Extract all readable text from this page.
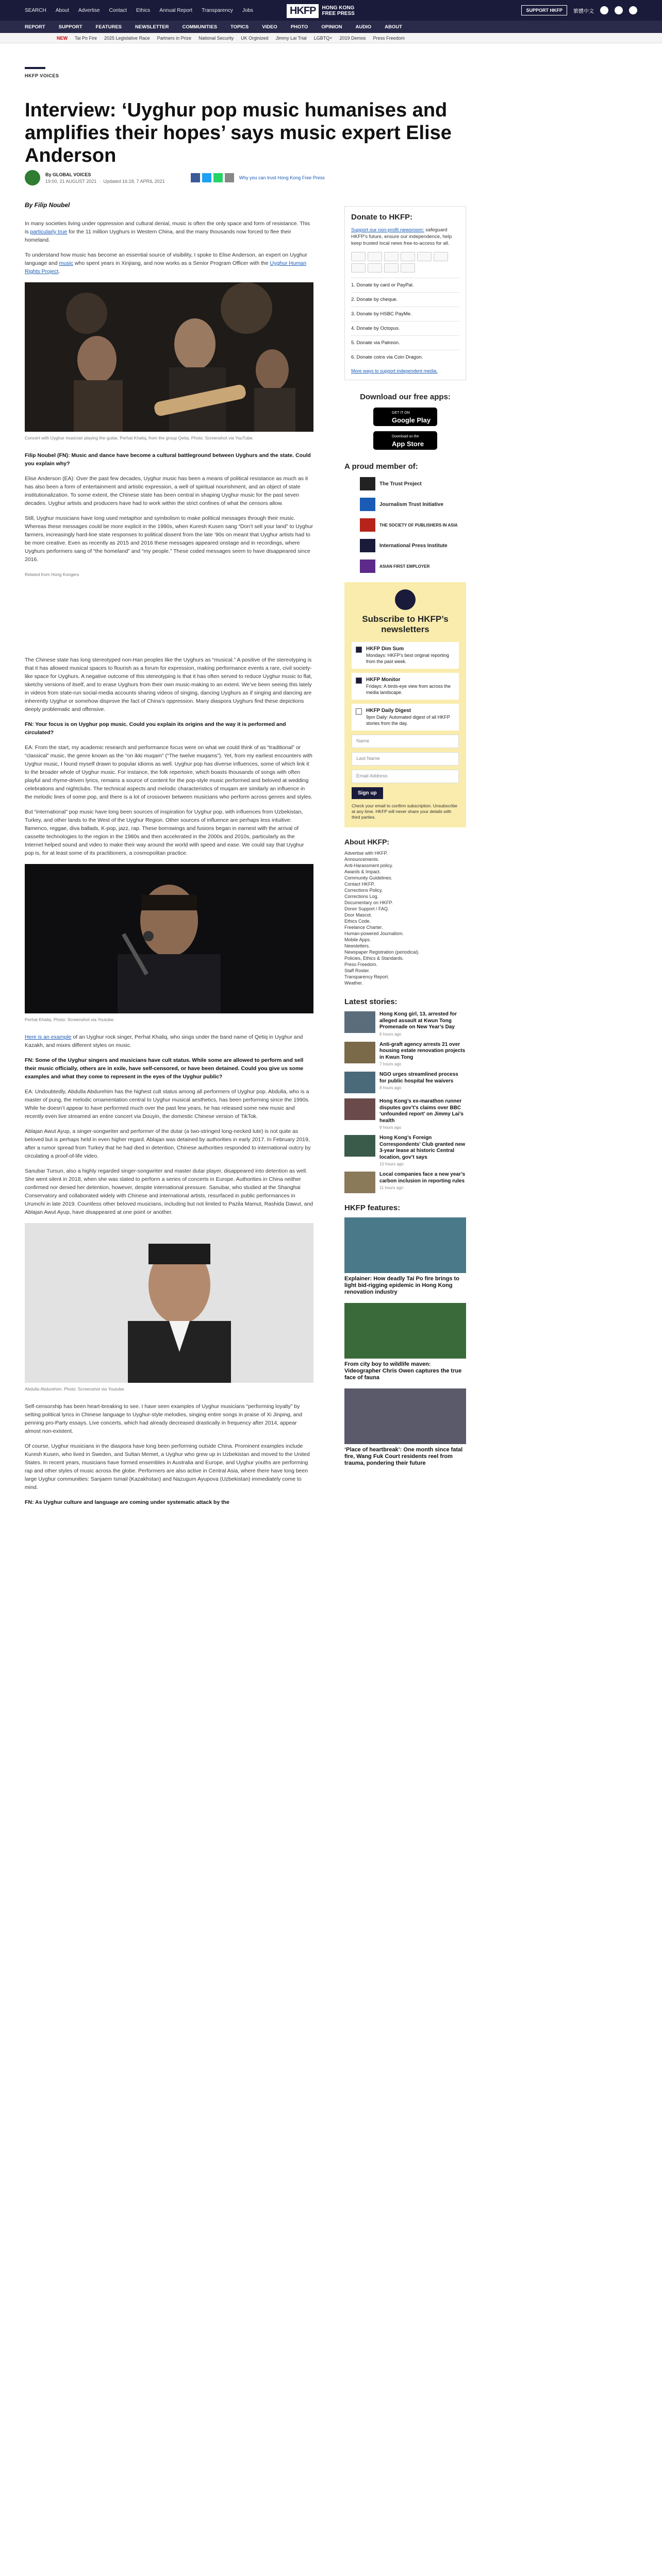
SEARCH About Advertise Contact Ethics Annual Report Transparency Jobs	HKFP	HONG KONG
FREE PRESS
SUPPORT HKFP	繁體中文
REPORT	SUPPORT	FEATURES	NEWSLETTER	COMMUNITIES	TOPICS	VIDEO	PHOTO	OPINION	AUDIO	ABOUT
NEW Tai Po Fire 2025 Legislative Race Partners in Prize National Security UK Orginized Jimmy Lai Trial LGBTQ+ 2019 Demos Press Freedom
HKFP VOICES
Interview: ‘Uyghur pop music humanises and amplifies their hopes’ says music expert Elise Anderson
By GLOBAL VOICES
19:00, 21 AUGUST 2021  ·  Updated 16:18, 7 APRIL 2021
Why you can trust Hong Kong Free Press
By Filip Noubel

In many societies living under oppression and cultural denial, music is often the only space and form of resistance. This is particularly true for the 11 million Uyghurs in Western China, and the many thousands now forced to flee their homeland.

To understand how music has become an essential source of visibility, I spoke to Elise Anderson, an expert on Uyghur language and music who spent years in Xinjiang, and now works as a Senior Program Officer with the Uyghur Human Rights Project.

Concert with Uyghur musician playing the guitar, Perhat Khaliq, from the group Qetiq. Photo: Screenshot via YouTube.

Filip Noubel (FN): Music and dance have become a cultural battleground between Uyghurs and the state. Could you explain why?

Elise Anderson (EA): Over the past few decades, Uyghur music has been a means of political resistance as much as it has also been a form of entertainment and artistic expression, a well of spiritual nourishment, and an object of state institutionalization. To some extent, the Chinese state has been central in shaping Uyghur music for the past seven decades. Uyghur artists and producers have had to work within the strict confines of what the censors allow.

Still, Uyghur musicians have long used metaphor and symbolism to make political messages through their music. Whereas these messages could be more explicit in the 1990s, when Kuresh Kusen sang “Don’t sell your land” to Uyghur farmers, increasingly hard-line state responses to political dissent from the late ’90s on meant that Uyghur artists had to be more creative. Even as recently as 2015 and 2016 these messages appeared onstage and in recordings, where Uyghurs performers sang of “the homeland” and “my people.” These coded messages seem to have disappeared since 2016.

Related from Hong Kongers

The Chinese state has long stereotyped non-Han peoples like the Uyghurs as “musical.” A positive of the stereotyping is that it has allowed musical spaces to flourish as a forum for expression, making performance events a rare, civil society-like space for Uyghurs. A negative outcome of this stereotyping is that it has often served to reduce Uyghur music to flat, sketchy versions of itself, and to erase Uyghurs from their own music-making to an extent. We’ve been seeing this lately in videos from state-run social-media accounts sharing videos of singing, dancing Uyghurs as if singing and dancing are inherently Uyghur or somehow disprove the fact of China’s oppression. Many diaspora Uyghurs find these depictions deeply problematic and offensive.

FN: Your focus is on Uyghur pop music. Could you explain its origins and the way it is performed and circulated?

EA: From the start, my academic research and performance focus were on what we could think of as “traditional” or “classical” music, the genre known as the “on ikki muqam” (“The twelve muqams”). Yet, from my earliest encounters with Uyghur music, I found myself drawn to popular idioms as well. Uyghur pop has diverse influences, some of which link it to the broader whole of Uyghur music. For instance, the folk repertoire, which boasts thousands of songs with often playful and rhyme-driven lyrics, remains a source of content for the pop-style music performed and beloved at wedding celebrations and nightclubs. The technical aspects and melodic characteristics of muqam are similarly an influence in the melodic lines of some pop, and there is a lot of crossover between musicians who perform across genres and styles.

But “international” pop music have long been sources of inspiration for Uyghur pop, with influences from Uzbekistan, Turkey, and other lands to the West of the Uyghur Region. Other sources of influence are perhaps less intuitive: flamenco, reggae, diva ballads, K-pop, jazz, rap. These borrowings and fusions began in earnest with the arrival of cassette technologies to the region in the 1980s and then accelerated in the 2000s and 2010s, particularly as the Internet helped sound and video to make their way around the world with speed and ease. We could say that Uyghur pop is, for at least some of its practitioners, a cosmopolitan practice.

Perhat Khaliq. Photo: Screenshot via Youtube.

Here is an example of an Uyghur rock singer, Perhat Khaliq, who sings under the band name of Qetiq in Uyghur and Kazakh, and mixes different styles on music.

FN: Some of the Uyghur singers and musicians have cult status. While some are allowed to perform and sell their music officially, others are in exile, have self-censored, or have been detained. Could you give us some examples and what they come to represent in the eyes of the Uyghur public?

EA: Undoubtedly, Abdulla Abdurehim has the highest cult status among all performers of Uyghur pop. Abdulla, who is a master of pung, the melodic ornamentation central to Uyghur musical aesthetics, has been performing since the 1990s. While he doesn’t appear to have performed much over the past few years, he has released some new music and recently even live streamed an entire concert via Douyin, the domestic Chinese version of TikTok.

Ablajan Awut Ayup, a singer-songwriter and performer of the dutar (a two-stringed long-necked lute) is not quite as beloved but is perhaps held in even higher regard. Ablajan was detained by authorities in early 2017. In February 2019, after a rumor spread from Turkey that he had died in detention, Chinese authorities responded to international outcry by circulating a proof-of-life video.

Sanubar Tursun, also a highly regarded singer-songwriter and master dutar player, disappeared into detention as well. She went silent in 2018, when she was slated to perform a series of concerts in Europe. Authorities in China neither confirmed nor denied her detention, however, despite international pressure. Sanubar, who studied at the Shanghai Conservatory and collaborated widely with Chinese and international artists, resurfaced in public performances in Urumchi in late 2019. Countless other beloved musicians, including but not limited to Pazila Mamut, Rashida Dawut, and Ablajan Awut Ayup, have disappeared at one point or another.

Abdulla Abdurehim. Photo: Screenshot via Youtube.

Self-censorship has been heart-breaking to see. I have seen examples of Uyghur musicians “performing loyalty” by setting political lyrics in Chinese language to Uyghur-style melodies, singing entire songs in praise of Xi Jinping, and penning pro-Party essays. Live concerts, which had already decreased drastically in frequency after 2014, appear almost non-existent.

Of course, Uyghur musicians in the diaspora have long been performing outside China. Prominent examples include Kuresh Kusen, who lived in Sweden, and Sultan Memet, a Uyghur who grew up in Uzbekistan and moved to the United States. In recent years, musicians have formed ensembles in Australia and Europe, and Uyghur youths are performing rap and other styles of music across the globe. Performers are also active in Central Asia, where there have long been large Uyghur communities: Sanjaem Ismail (Kazakhstan) and Nazugum Ayupova (Uzbekistan) immediately come to mind.

FN: As Uyghur culture and language are coming under systematic attack by the

Donate to HKFP:

Support our non-profit newsroom: safeguard HKFP’s future, ensure our independence, help keep trusted local news free-to-access for all.

1. Donate by card or PayPal.
2. Donate by cheque.
3. Donate by HSBC PayMe.
4. Donate by Octopus.
5. Donate via Patreon.
6. Donate coins via Coin Dragon.
More ways to support independent media.
Download our free apps:
GET IT ON
Google Play
Download on the
App Store
A proud member of:
The Trust Project
Journalism Trust Initiative
THE SOCIETY OF PUBLISHERS IN ASIA
International Press Institute
ASIAN FIRST EMPLOYER
Subscribe to HKFP’s newsletters
HKFP Dim Sum
Mondays: HKFP’s best original reporting from the past week.
HKFP Monitor
Fridays: A birds-eye view from across the media landscape.
HKFP Daily Digest
9pm Daily: Automated digest of all HKFP stories from the day.
Name
Last Name
Email Address
Sign up
Check your email to confirm subscription. Unsubscribe at any time. HKFP will never share your details with third parties.
About HKFP:
Advertise with HKFP.
Announcements.
Anti-Harassment policy.
Awards & Impact.
Community Guidelines.
Contact HKFP.
Corrections Policy.
Corrections Log.
Documentary on HKFP.
Donor Support / FAQ.
Door Mascot.
Ethics Code.
Freelance Charter.
Human-powered Journalism.
Mobile Apps.
Newsletters.
Newspaper Registration (periodical).
Policies, Ethics & Standards.
Press Freedom.
Staff Roster.
Transparency Report.
Weather.
Latest stories:
Hong Kong girl, 13, arrested for alleged assault at Kwun Tong Promenade on New Year’s Day
6 hours ago
Anti-graft agency arrests 21 over housing estate renovation projects in Kwun Tong
7 hours ago
NGO urges streamlined process for public hospital fee waivers
8 hours ago
Hong Kong’s ex-marathon runner disputes gov’t’s claims over BBC ‘unfounded report’ on Jimmy Lai’s health
9 hours ago
Hong Kong’s Foreign Correspondents’ Club granted new 3-year lease at historic Central location, gov’t says
10 hours ago
Local companies face a new year’s carbon inclusion in reporting rules
11 hours ago
HKFP features:
Explainer: How deadly Tai Po fire brings to light bid-rigging epidemic in Hong Kong renovation industry
From city boy to wildlife maven: Videographer Chris Owen captures the true face of fauna
‘Place of heartbreak’: One month since fatal fire, Wang Fuk Court residents reel from trauma, pondering their future
